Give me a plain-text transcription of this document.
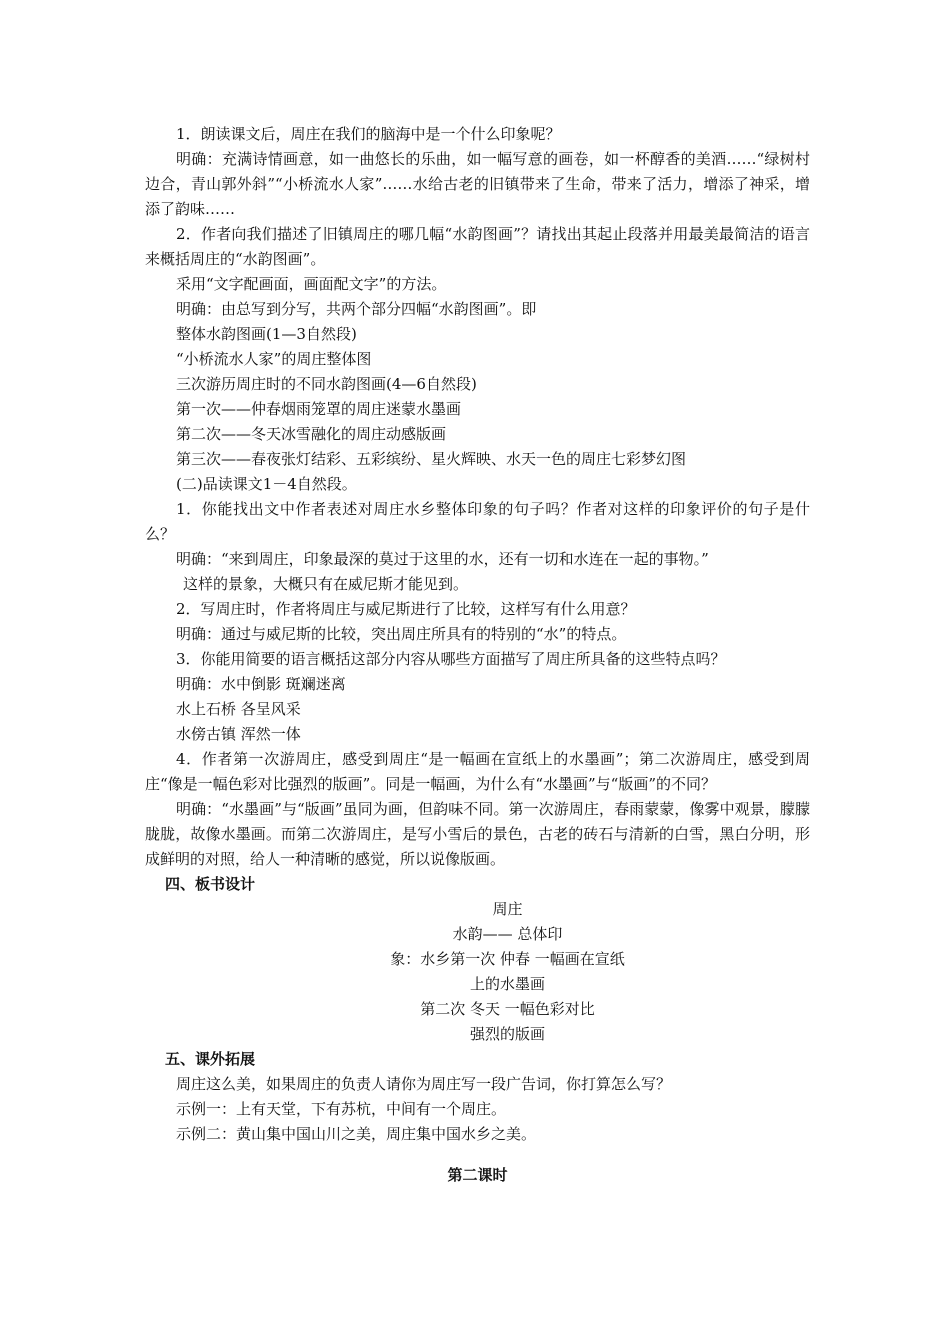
1．朗读课文后，周庄在我们的脑海中是一个什么印象呢？

明确：充满诗情画意，如一曲悠长的乐曲，如一幅写意的画卷，如一杯醇香的美酒……“绿树村边合，青山郭外斜”“小桥流水人家”……水给古老的旧镇带来了生命，带来了活力，增添了神采，增添了韵味……

2．作者向我们描述了旧镇周庄的哪几幅“水韵图画”？请找出其起止段落并用最美最简洁的语言来概括周庄的“水韵图画”。

采用“文字配画面，画面配文字”的方法。

明确：由总写到分写，共两个部分四幅“水韵图画”。即

整体水韵图画(1—3自然段)

“小桥流水人家”的周庄整体图

三次游历周庄时的不同水韵图画(4—6自然段)

第一次——仲春烟雨笼罩的周庄迷蒙水墨画

第二次——冬天冰雪融化的周庄动感版画

第三次——春夜张灯结彩、五彩缤纷、星火辉映、水天一色的周庄七彩梦幻图

(二)品读课文1－4自然段。

1．你能找出文中作者表述对周庄水乡整体印象的句子吗？作者对这样的印象评价的句子是什么？

明确：“来到周庄，印象最深的莫过于这里的水，还有一切和水连在一起的事物。”

这样的景象，大概只有在威尼斯才能见到。

2．写周庄时，作者将周庄与威尼斯进行了比较，这样写有什么用意？

明确：通过与威尼斯的比较，突出周庄所具有的特别的“水”的特点。

3．你能用简要的语言概括这部分内容从哪些方面描写了周庄所具备的这些特点吗？

明确：水中倒影 斑斓迷离

水上石桥 各呈风采

水傍古镇 浑然一体

4．作者第一次游周庄，感受到周庄“是一幅画在宣纸上的水墨画”；第二次游周庄，感受到周庄“像是一幅色彩对比强烈的版画”。同是一幅画，为什么有“水墨画”与“版画”的不同？

明确：“水墨画”与“版画”虽同为画，但韵味不同。第一次游周庄，春雨蒙蒙，像雾中观景，朦朦胧胧，故像水墨画。而第二次游周庄，是写小雪后的景色，古老的砖石与清新的白雪，黑白分明，形成鲜明的对照，给人一种清晰的感觉，所以说像版画。

四、板书设计

周庄

水韵—— 总体印

象：水乡第一次 仲春 一幅画在宣纸

上的水墨画

第二次 冬天 一幅色彩对比

强烈的版画

五、课外拓展

周庄这么美，如果周庄的负责人请你为周庄写一段广告词，你打算怎么写？

示例一：上有天堂，下有苏杭，中间有一个周庄。

示例二：黄山集中国山川之美，周庄集中国水乡之美。

第二课时
